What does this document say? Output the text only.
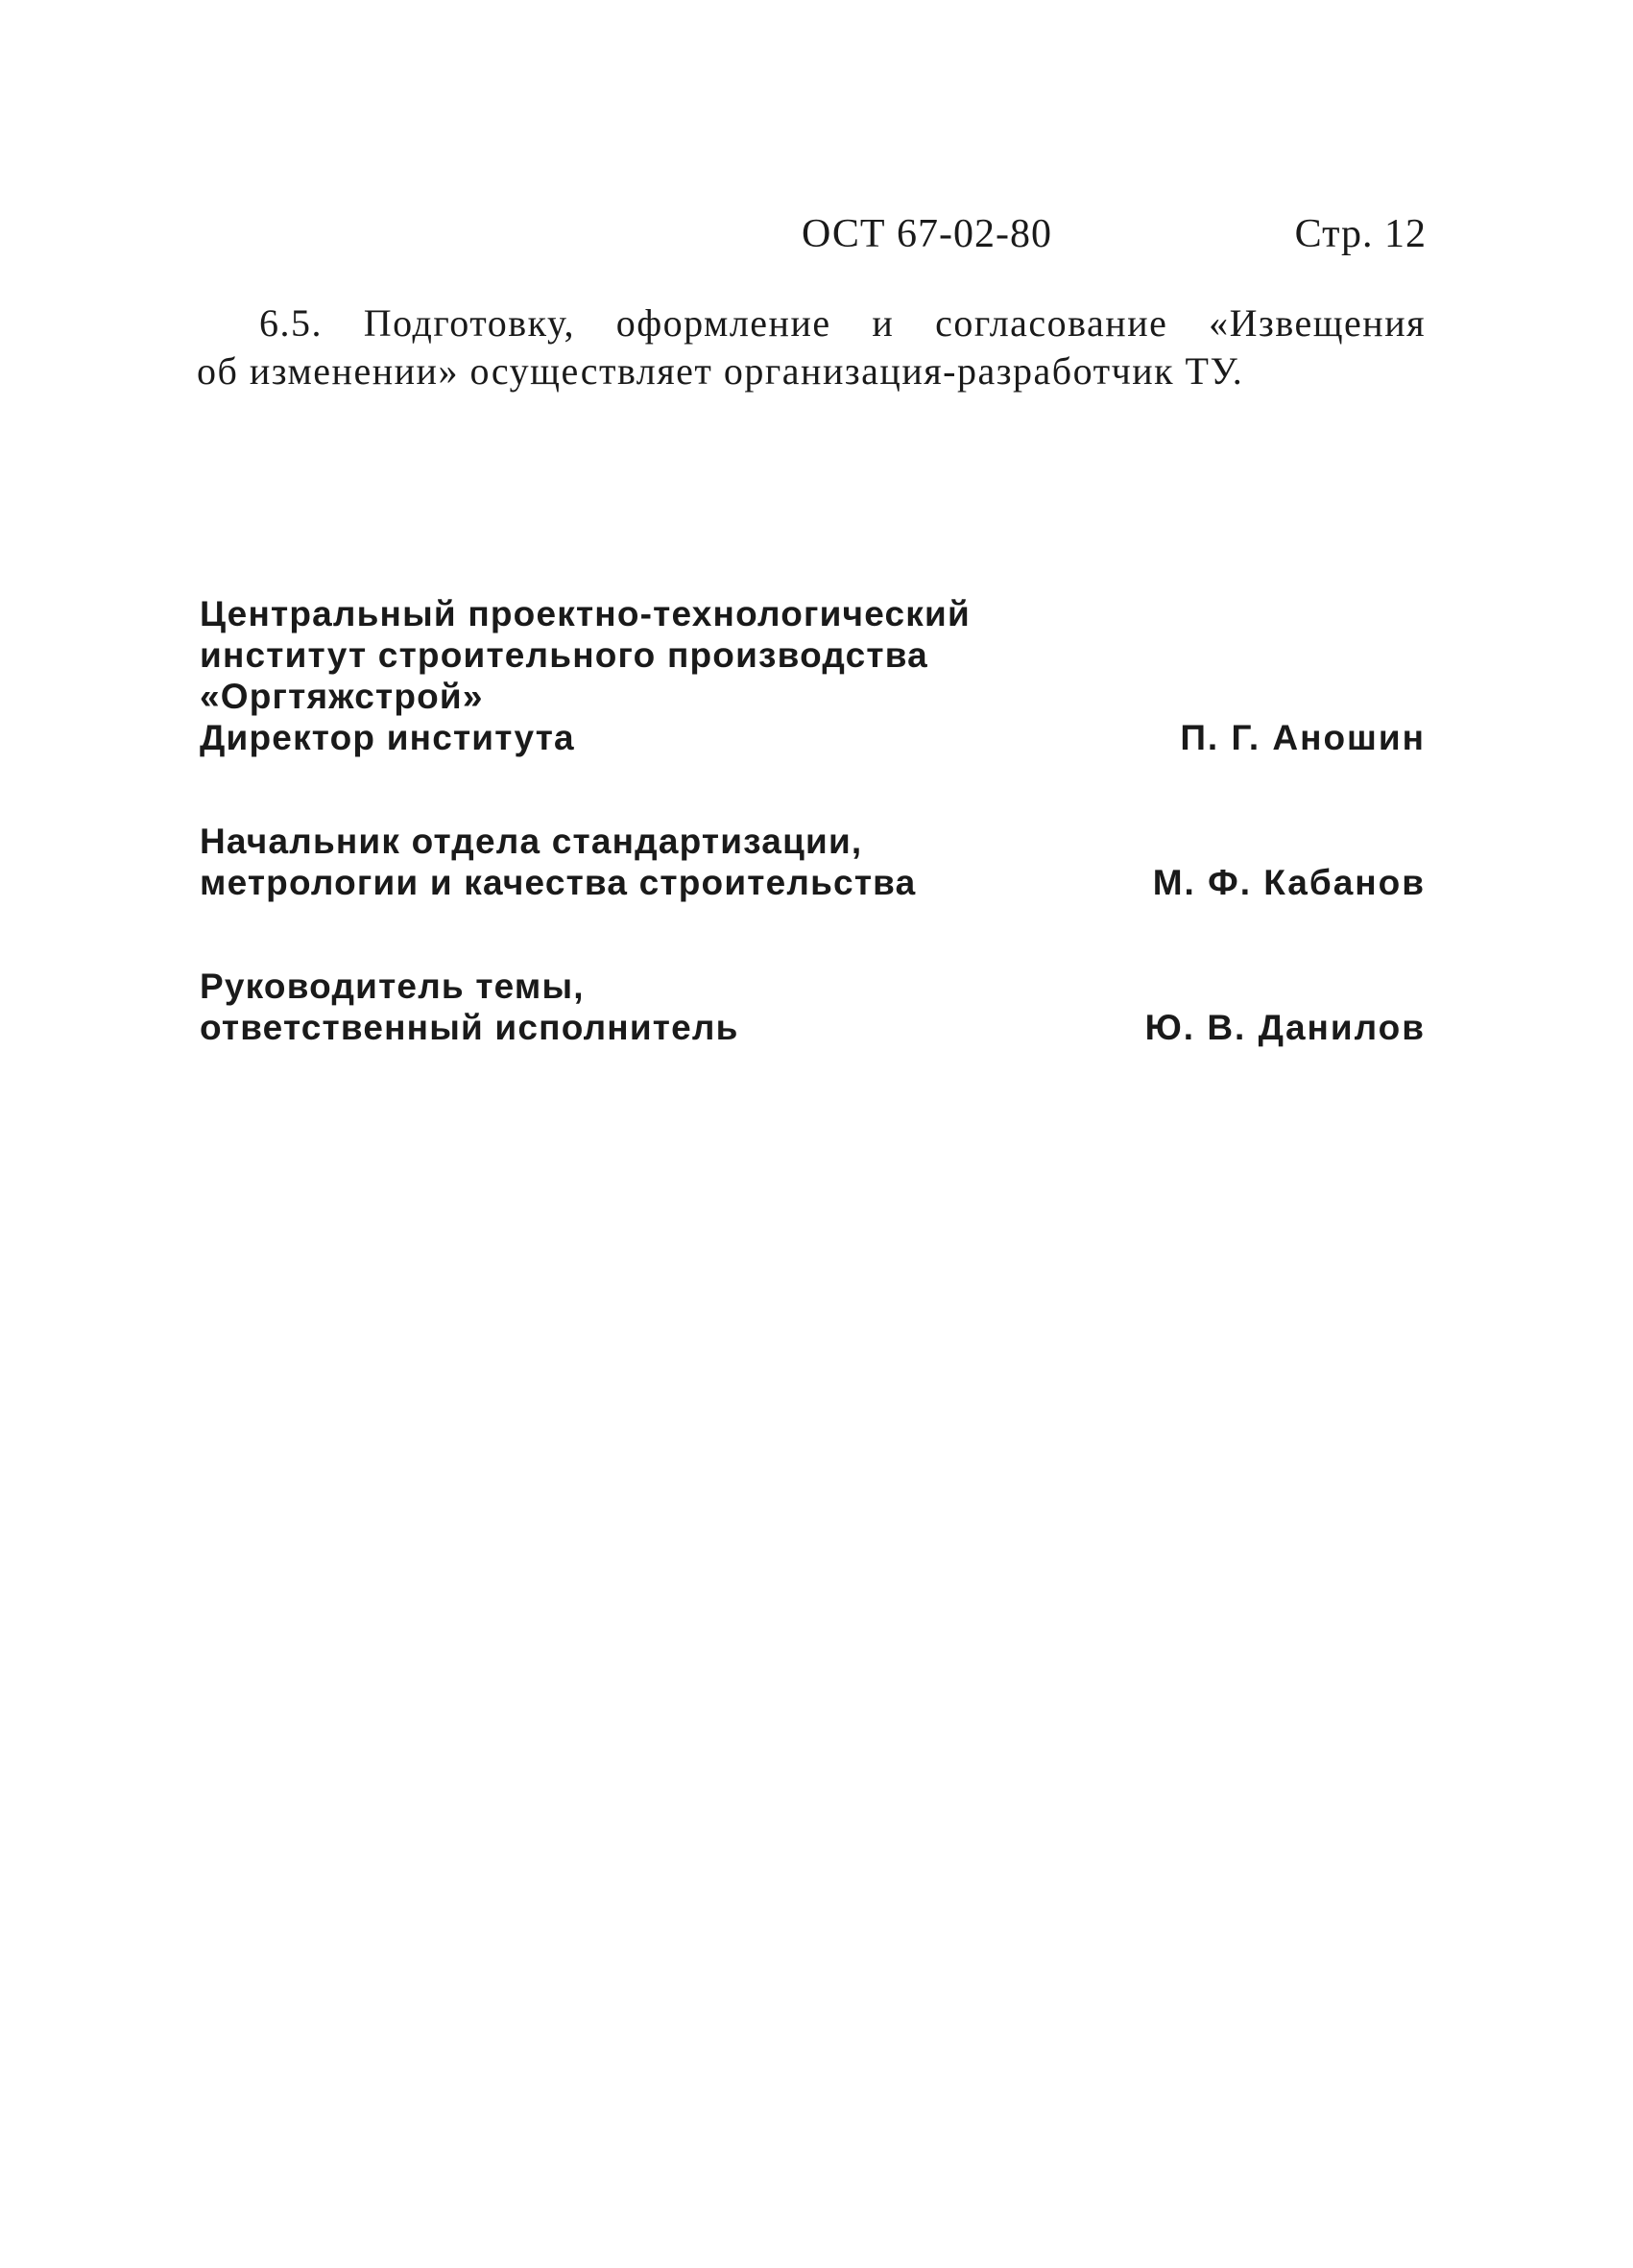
ОСТ 67-02-80	Стр. 12
6.5. Подготовку, оформление и согласование «Извещения
об изменении» осуществляет организация-разработчик ТУ.
Центральный проектно-технологический
институт строительного производства
«Оргтяжстрой»
Директор института	П. Г. Аношин
Начальник отдела стандартизации,
метрологии и качества строительства	М. Ф. Кабанов
Руководитель темы,
ответственный исполнитель	Ю. В. Данилов
